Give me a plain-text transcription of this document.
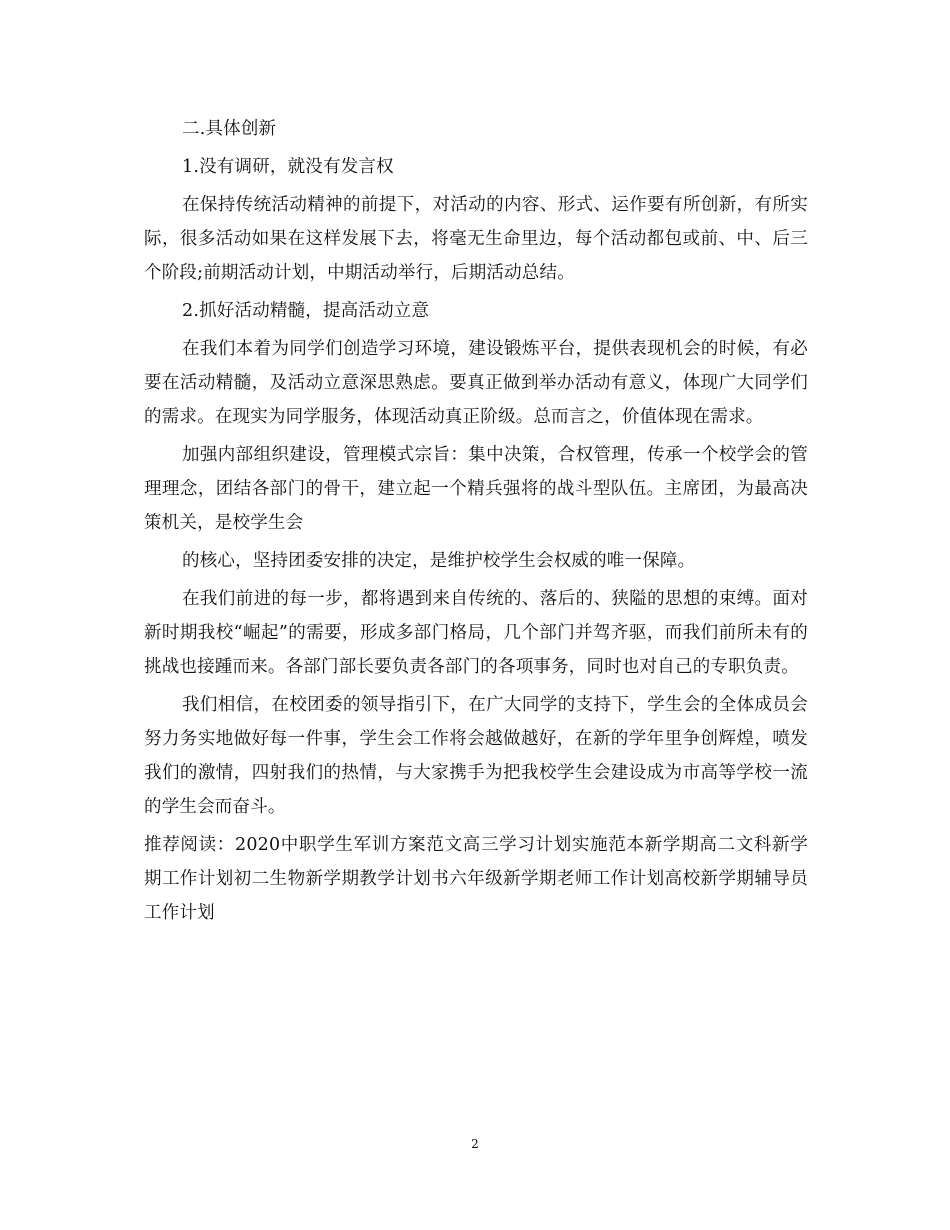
二.具体创新

1.没有调研，就没有发言权

在保持传统活动精神的前提下，对活动的内容、形式、运作要有所创新，有所实际，很多活动如果在这样发展下去，将毫无生命里边，每个活动都包或前、中、后三个阶段;前期活动计划，中期活动举行，后期活动总结。

2.抓好活动精髓，提高活动立意

在我们本着为同学们创造学习环境，建设锻炼平台，提供表现机会的时候，有必要在活动精髓，及活动立意深思熟虑。要真正做到举办活动有意义，体现广大同学们的需求。在现实为同学服务，体现活动真正阶级。总而言之，价值体现在需求。

加强内部组织建设，管理模式宗旨：集中决策，合权管理，传承一个校学会的管理理念，团结各部门的骨干，建立起一个精兵强将的战斗型队伍。主席团，为最高决策机关，是校学生会

的核心，坚持团委安排的决定，是维护校学生会权威的唯一保障。

在我们前进的每一步，都将遇到来自传统的、落后的、狭隘的思想的束缚。面对新时期我校“崛起”的需要，形成多部门格局，几个部门并驾齐驱，而我们前所未有的挑战也接踵而来。各部门部长要负责各部门的各项事务，同时也对自己的专职负责。

我们相信，在校团委的领导指引下，在广大同学的支持下，学生会的全体成员会努力务实地做好每一件事，学生会工作将会越做越好，在新的学年里争创辉煌，喷发我们的激情，四射我们的热情，与大家携手为把我校学生会建设成为市高等学校一流的学生会而奋斗。

推荐阅读：2020中职学生军训方案范文高三学习计划实施范本新学期高二文科新学期工作计划初二生物新学期教学计划书六年级新学期老师工作计划高校新学期辅导员工作计划

2
